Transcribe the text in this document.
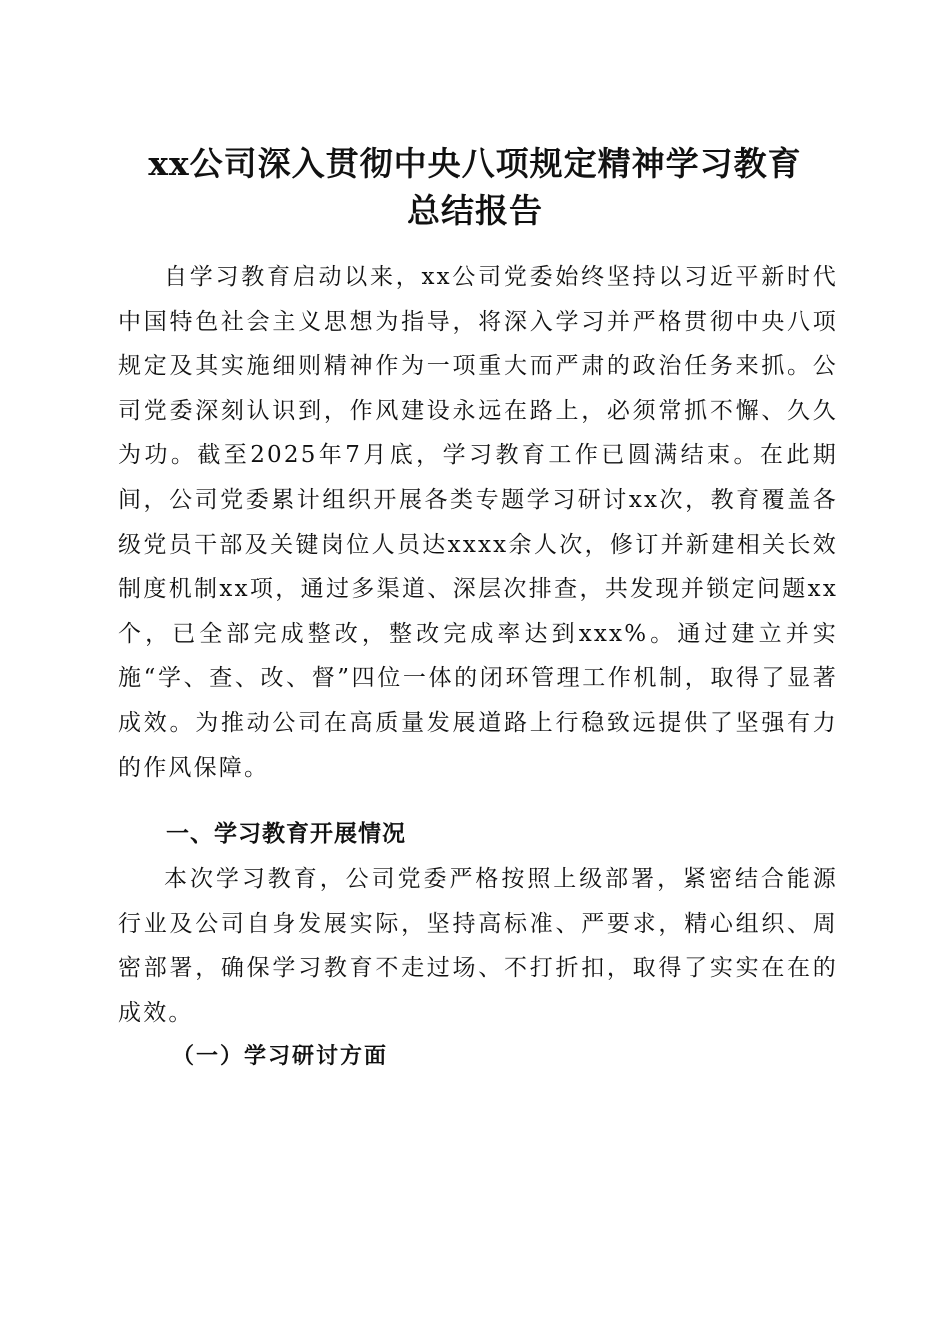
xx公司深入贯彻中央八项规定精神学习教育
总结报告

自学习教育启动以来，xx公司党委始终坚持以习近平新时代中国特色社会主义思想为指导，将深入学习并严格贯彻中央八项规定及其实施细则精神作为一项重大而严肃的政治任务来抓。公司党委深刻认识到，作风建设永远在路上，必须常抓不懈、久久为功。截至2025年7月底，学习教育工作已圆满结束。在此期间，公司党委累计组织开展各类专题学习研讨xx次，教育覆盖各级党员干部及关键岗位人员达xxxx余人次，修订并新建相关长效制度机制xx项，通过多渠道、深层次排查，共发现并锁定问题xx个，已全部完成整改，整改完成率达到xxx%。通过建立并实施“学、查、改、督”四位一体的闭环管理工作机制，取得了显著成效。为推动公司在高质量发展道路上行稳致远提供了坚强有力的作风保障。

一、学习教育开展情况

本次学习教育，公司党委严格按照上级部署，紧密结合能源行业及公司自身发展实际，坚持高标准、严要求，精心组织、周密部署，确保学习教育不走过场、不打折扣，取得了实实在在的成效。

（一）学习研讨方面
